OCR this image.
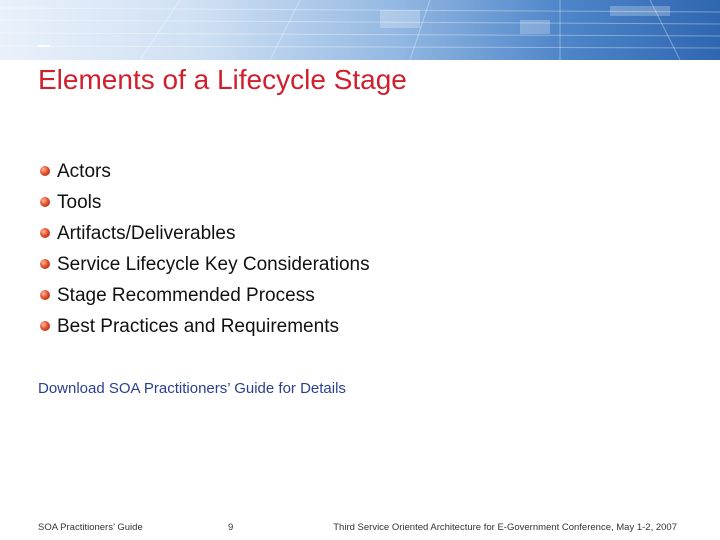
Elements of a Lifecycle Stage
Actors
Tools
Artifacts/Deliverables
Service Lifecycle Key Considerations
Stage Recommended Process
Best Practices and Requirements

Download SOA Practitioners’ Guide for Details

SOA Practitioners’ Guide	9	Third Service Oriented Architecture for E-Government Conference, May 1-2, 2007
